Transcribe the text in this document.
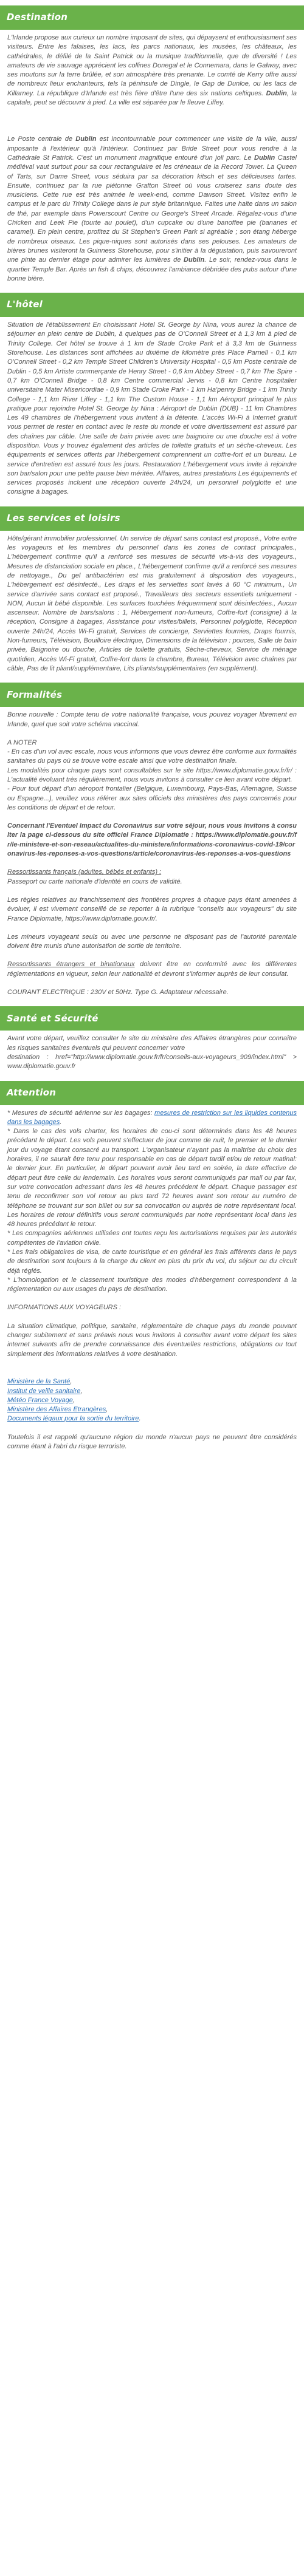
Destination

L'Irlande propose aux curieux un nombre imposant de sites, qui dépaysent et enthousiasment ses visiteurs. Entre les falaises, les lacs, les parcs nationaux, les musées, les châteaux, les cathédrales, le défilé de la Saint Patrick ou la musique traditionnelle, que de diversité ! Les amateurs de vie sauvage apprécient les collines Donegal et le Connemara, dans le Galway, avec ses moutons sur la terre brûlée, et son atmosphère très prenante. Le comté de Kerry offre aussi de nombreux lieux enchanteurs, tels la péninsule de Dingle, le Gap de Dunloe, ou les lacs de Killarney. La république d'Irlande est très fière d'être l'une des six nations celtiques. Dublin, la capitale, peut se découvrir à pied. La ville est séparée par le fleuve Liffey.

Le Poste centrale de Dublin est incontournable pour commencer une visite de la ville, aussi imposante à l'extérieur qu'à l'intérieur. Continuez par Bride Street pour vous rendre à la Cathédrale St Patrick. C'est un monument magnifique entouré d'un joli parc. Le Dublin Castel médiéval vaut surtout pour sa cour rectangulaire et les créneaux de la Record Tower. La Queen of Tarts, sur Dame Street, vous séduira par sa décoration kitsch et ses délicieuses tartes. Ensuite, continuez par la rue piétonne Grafton Street où vous croiserez sans doute des musiciens. Cette rue est très animée le week-end, comme Dawson Street. Visitez enfin le campus et le parc du Trinity College dans le pur style britannique. Faites une halte dans un salon de thé, par exemple dans Powerscourt Centre ou George's Street Arcade. Régalez-vous d'une Chicken and Leek Pie (tourte au poulet), d'un cupcake ou d'une banoffee pie (bananes et caramel). En plein centre, profitez du St Stephen's Green Park si agréable ; son étang héberge de nombreux oiseaux. Les pique-niques sont autorisés dans ses pelouses. Les amateurs de bières brunes visiteront la Guinness Storehouse, pour s'initier à la dégustation, puis savoureront une pinte au dernier étage pour admirer les lumières de Dublin. Le soir, rendez-vous dans le quartier Temple Bar. Après un fish & chips, découvrez l'ambiance débridée des pubs autour d'une bonne bière.

L'hôtel

Situation de l'établissement En choisissant Hotel St. George by Nina, vous aurez la chance de séjourner en plein centre de Dublin, à quelques pas de O'Connell Street et à 1,3 km à pied de Trinity College. Cet hôtel se trouve à 1 km de Stade Croke Park et à 3,3 km de Guinness Storehouse. Les distances sont affichées au dixième de kilomètre près Place Parnell - 0,1 km O'Connell Street - 0,2 km Temple Street Children's University Hospital - 0,5 km Poste centrale de Dublin - 0,5 km Artiste commerçante de Henry Street - 0,6 km Abbey Street - 0,7 km The Spire - 0,7 km O'Connell Bridge - 0,8 km Centre commercial Jervis - 0,8 km Centre hospitalier universitaire Mater Misericordiae - 0,9 km Stade Croke Park - 1 km Ha'penny Bridge - 1 km Trinity College - 1,1 km River Liffey - 1,1 km The Custom House - 1,1 km Aéroport principal le plus pratique pour rejoindre Hotel St. George by Nina : Aéroport de Dublin (DUB) - 11 km Chambres Les 49 chambres de l'hébergement vous invitent à la détente. L'accès Wi-Fi à Internet gratuit vous permet de rester en contact avec le reste du monde et votre divertissement est assuré par des chaînes par câble. Une salle de bain privée avec une baignoire ou une douche est à votre disposition. Vous y trouvez également des articles de toilette gratuits et un sèche-cheveux. Les équipements et services offerts par l'hébergement comprennent un coffre-fort et un bureau. Le service d'entretien est assuré tous les jours. Restauration L'hébergement vous invite à rejoindre son bar/salon pour une petite pause bien méritée. Affaires, autres prestations Les équipements et services proposés incluent une réception ouverte 24h/24, un personnel polyglotte et une consigne à bagages.

Les services et loisirs

Hôte/gérant immobilier professionnel. Un service de départ sans contact est proposé., Votre entre les voyageurs et les membres du personnel dans les zones de contact principales., L'hébergement confirme qu'il a renforcé ses mesures de sécurité vis-à-vis des voyageurs., Mesures de distanciation sociale en place., L'hébergement confirme qu'il a renforcé ses mesures de nettoyage., Du gel antibactérien est mis gratuitement à disposition des voyageurs., L'hébergement est désinfecté., Les draps et les serviettes sont lavés à 60 °C minimum., Un service d'arrivée sans contact est proposé., Travailleurs des secteurs essentiels uniquement - NON, Aucun lit bébé disponible. Les surfaces touchées fréquemment sont désinfectées., Aucun ascenseur. Nombre de bars/salons : 1, Hébergement non-fumeurs, Coffre-fort (consigne) à la réception, Consigne à bagages, Assistance pour visites/billets, Personnel polyglotte, Réception ouverte 24h/24, Accès Wi-Fi gratuit, Services de concierge, Serviettes fournies, Draps fournis, Non-fumeurs, Télévision, Bouilloire électrique, Dimensions de la télévision : pouces, Salle de bain privée, Baignoire ou douche, Articles de toilette gratuits, Sèche-cheveux, Service de ménage quotidien, Accès Wi-Fi gratuit, Coffre-fort dans la chambre, Bureau, Télévision avec chaînes par câble, Pas de lit pliant/supplémentaire, Lits pliants/supplémentaires (en supplément).

Formalités

Bonne nouvelle : Compte tenu de votre nationalité française, vous pouvez voyager librement en Irlande, quel que soit votre schéma vaccinal.

A NOTER
- En cas d'un vol avec escale, nous vous informons que vous devrez être conforme aux formalités sanitaires du pays où se trouve votre escale ainsi que votre destination finale.
Les modalités pour chaque pays sont consultables sur le site https://www.diplomatie.gouv.fr/fr/ : L'actualité évoluant très régulièrement, nous vous invitons à consulter ce lien avant votre départ.
- Pour tout départ d'un aéroport frontalier (Belgique, Luxembourg, Pays-Bas, Allemagne, Suisse ou Espagne...), veuillez vous référer aux sites officiels des ministères des pays concernés pour les conditions de départ et de retour.

Concernant l'Eventuel Impact du Coronavirus sur votre séjour, nous vous invitons à consulter la page ci-dessous du site officiel France Diplomatie : https://www.diplomatie.gouv.fr/fr/le-ministere-et-son-reseau/actualites-du-ministere/informations-coronavirus-covid-19/coronavirus-les-reponses-a-vos-questions/article/coronavirus-les-reponses-a-vos-questions

Ressortissants français (adultes, bébés et enfants) :
Passeport ou carte nationale d'identité en cours de validité.

Les règles relatives au franchissement des frontières propres à chaque pays étant amenées à évoluer, il est vivement conseillé de se reporter à la rubrique "conseils aux voyageurs" du site France Diplomatie, https://www.diplomatie.gouv.fr/.

Les mineurs voyageant seuls ou avec une personne ne disposant pas de l'autorité parentale doivent être munis d'une autorisation de sortie de territoire.

Ressortissants étrangers et binationaux doivent être en conformité avec les différentes réglementations en vigueur, selon leur nationalité et devront s'informer auprès de leur consulat.

COURANT ELECTRIQUE : 230V et 50Hz. Type G. Adaptateur nécessaire.

Santé et Sécurité

Avant votre départ, veuillez consulter le site du ministère des Affaires étrangères pour connaître les risques sanitaires éventuels qui peuvent concerner votre
destination : href="http://www.diplomatie.gouv.fr/fr/conseils-aux-voyageurs_909/index.html" > www.diplomatie.gouv.fr

Attention

* Mesures de sécurité aérienne sur les bagages: mesures de restriction sur les liquides contenus dans les bagages.

* Dans le cas des vols charter, les horaires de cou-ci sont déterminés dans les 48 heures précédant le départ. Les vols peuvent s'effectuer de jour comme de nuit, le premier et le dernier jour du voyage étant consacré au transport. L'organisateur n'ayant pas la maîtrise du choix des horaires, il ne saurait être tenu pour responsable en cas de départ tardif et/ou de retour matinal: le dernier jour. En particulier, le départ pouvant avoir lieu tard en soirée, la date effective de départ peut être celle du lendemain. Les horaires vous seront communiqués par mail ou par fax, sur votre convocation adressant dans les 48 heures précédent le départ. Chaque passager est tenu de reconfirmer son vol retour au plus tard 72 heures avant son retour au numéro de téléphone se trouvant sur son billet ou sur sa convocation ou auprès de notre représentant local. Les horaires de retour définitifs vous seront communiqués par notre représentant local dans les 48 heures précédant le retour.
* Les compagnies aériennes utilisées ont toutes reçu les autorisations requises par les autorités compétentes de l'aviation civile.
* Les frais obligatoires de visa, de carte touristique et en général les frais afférents dans le pays de destination sont toujours à la charge du client en plus du prix du vol, du séjour ou du circuit déjà réglés.
* L'homologation et le classement touristique des modes d'hébergement correspondent à la réglementation ou aux usages du pays de destination.

INFORMATIONS AUX VOYAGEURS :

La situation climatique, politique, sanitaire, réglementaire de chaque pays du monde pouvant changer subitement et sans préavis nous vous invitons à consulter avant votre départ les sites internet suivants afin de prendre connaissance des éventuelles restrictions, obligations ou tout simplement des informations relatives à votre destination.

Ministère de la Santé,
Institut de veille sanitaire,
Météo France Voyage,
Ministère des Affaires Etrangères,
Documents légaux pour la sortie du territoire.

Toutefois il est rappelé qu'aucune région du monde n'aucun pays ne peuvent être considérés comme étant à l'abri du risque terroriste.
